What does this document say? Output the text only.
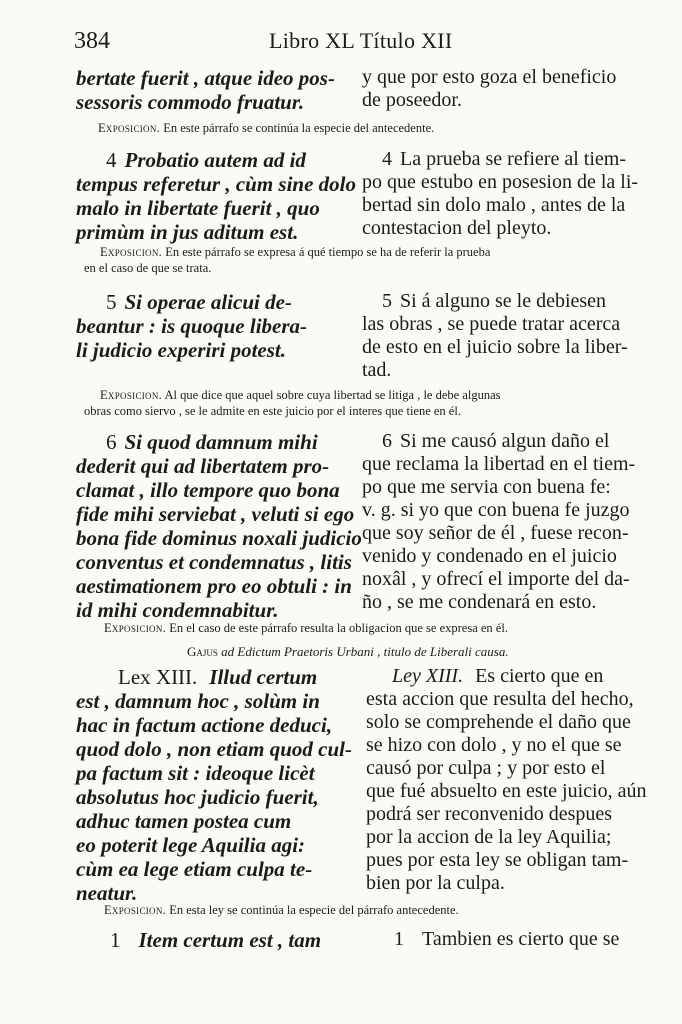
384	Libro XL Título XII
bertate fuerit , atque ideo pos-
sessoris commodo fruatur.
y que por esto goza el beneficio
de poseedor.
Exposicion. En este párrafo se continúa la especie del antecedente.
4 Probatio autem ad id
tempus referetur , cùm sine dolo
malo in libertate fuerit , quo
primùm in jus aditum est.
4 La prueba se refiere al tiem-
po que estubo en posesion de la li-
bertad sin dolo malo , antes de la
contestacion del pleyto.
Exposicion. En este párrafo se expresa á qué tiempo se ha de referir la prueba
en el caso de que se trata.
5 Si operae alicui de-
beantur : is quoque libera-
li judicio experiri potest.
5 Si á alguno se le debiesen
las obras , se puede tratar acerca
de esto en el juicio sobre la liber-
tad.
Exposicion. Al que dice que aquel sobre cuya libertad se litiga , le debe algunas
obras como siervo , se le admite en este juicio por el interes que tiene en él.
6 Si quod damnum mihi
dederit qui ad libertatem pro-
clamat , illo tempore quo bona
fide mihi serviebat , veluti si ego
bona fide dominus noxali judicio
conventus et condemnatus , litis
aestimationem pro eo obtuli : in
id mihi condemnabitur.
6 Si me causó algun daño el
que reclama la libertad en el tiem-
po que me servia con buena fe:
v. g. si yo que con buena fe juzgo
que soy señor de él , fuese recon-
venido y condenado en el juicio
noxâl , y ofrecí el importe del da-
ño , se me condenará en esto.
Exposicion. En el caso de este párrafo resulta la obligacion que se expresa en él.
Gajus ad Edictum Praetoris Urbani , titulo de Liberali causa.
Lex XIII. Illud certum
est , damnum hoc , solùm in
hac in factum actione deduci,
quod dolo , non etiam quod cul-
pa factum sit : ideoque licèt
absolutus hoc judicio fuerit,
adhuc tamen postea cum
eo poterit lege Aquilia agi:
cùm ea lege etiam culpa te-
neatur.
Ley XIII. Es cierto que en
esta accion que resulta del hecho,
solo se comprehende el daño que
se hizo con dolo , y no el que se
causó por culpa ; y por esto el
que fué absuelto en este juicio, aún
podrá ser reconvenido despues
por la accion de la ley Aquilia;
pues por esta ley se obligan tam-
bien por la culpa.
Exposicion. En esta ley se continúa la especie del párrafo antecedente.
1 Item certum est , tam	1 Tambien es cierto que se
